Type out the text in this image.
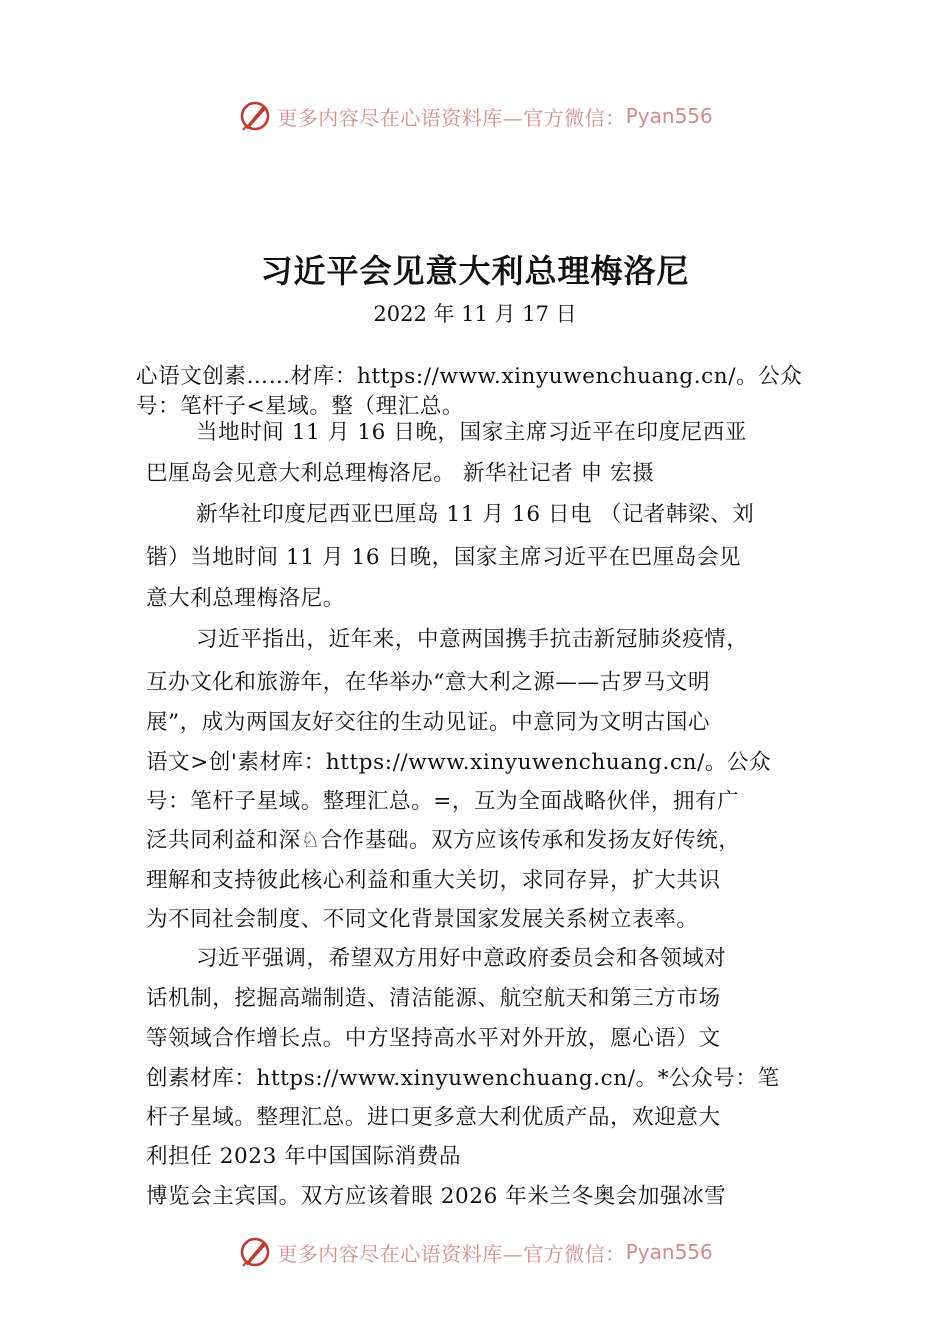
更多内容尽在心语资料库—官方微信： Pyan556
习近平会见意大利总理梅洛尼
2022 年 11 月 17 日
心语文创素……材库：https://www.xinyuwenchuang.cn/。公众
号：笔杆子<星域。整（理汇总。
当地时间 11 月 16 日晚，国家主席习近平在印度尼西亚
巴厘岛会见意大利总理梅洛尼。 新华社记者 申 宏摄
新华社印度尼西亚巴厘岛 11 月 16 日电 （记者韩梁、刘
锴）当地时间 11 月 16 日晚，国家主席习近平在巴厘岛会见
意大利总理梅洛尼。
习近平指出，近年来，中意两国携手抗击新冠肺炎疫情，
互办文化和旅游年，在华举办“意大利之源——古罗马文明
展”，成为两国友好交往的生动见证。中意同为文明古国心
语文>创'素材库：https://www.xinyuwenchuang.cn/。公众
号：笔杆子星域。整理汇总。=，互为全面战略伙伴，拥有广
泛共同利益和深♘合作基础。双方应该传承和发扬友好传统，
理解和支持彼此核心利益和重大关切，求同存异，扩大共识
为不同社会制度、不同文化背景国家发展关系树立表率。
习近平强调，希望双方用好中意政府委员会和各领域对
话机制，挖掘高端制造、清洁能源、航空航天和第三方市场
等领域合作增长点。中方坚持高水平对外开放，愿心语）文
创素材库：https://www.xinyuwenchuang.cn/。*公众号：笔
杆子星域。整理汇总。进口更多意大利优质产品，欢迎意大
利担任 2023 年中国国际消费品
博览会主宾国。双方应该着眼 2026 年米兰冬奥会加强冰雪
更多内容尽在心语资料库—官方微信： Pyan556
